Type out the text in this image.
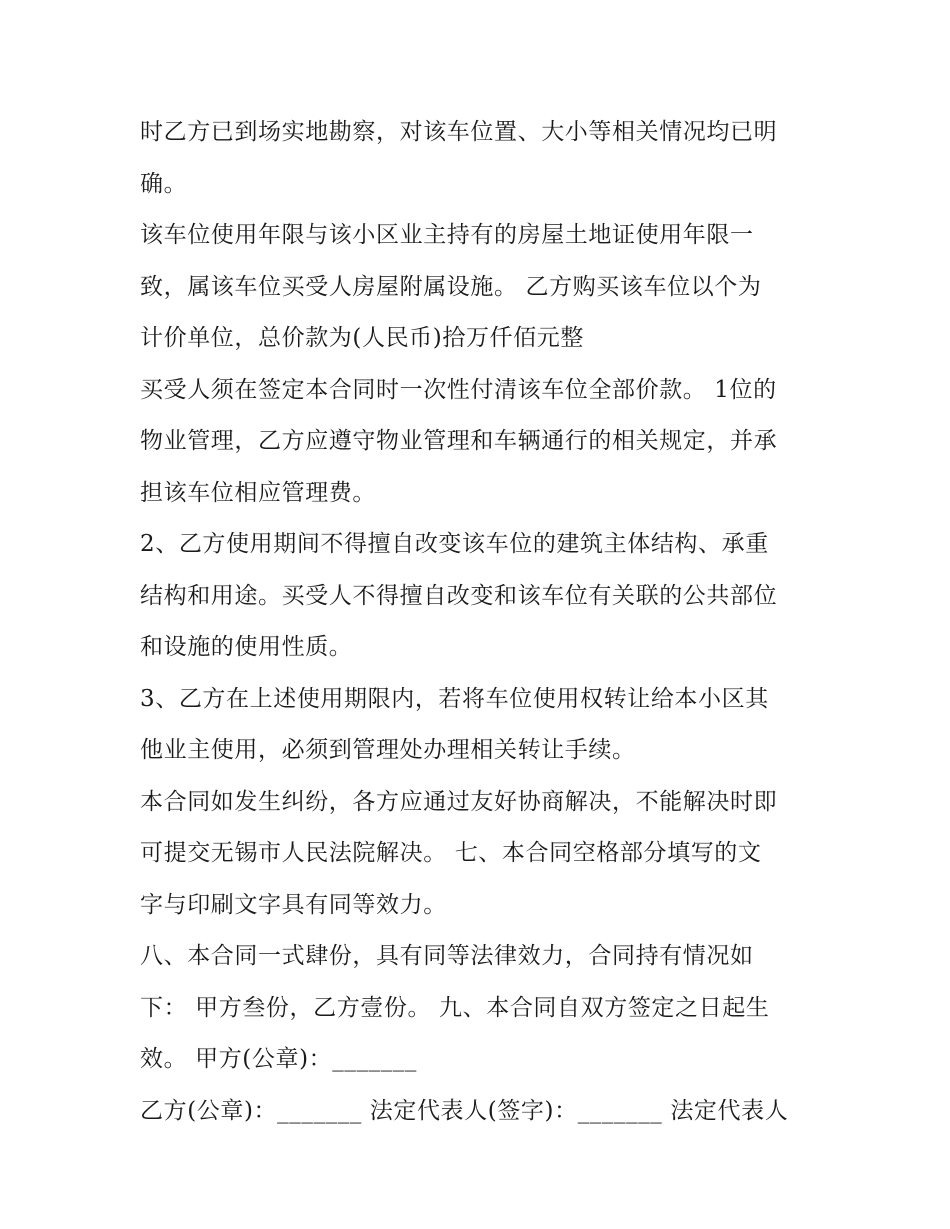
时乙方已到场实地勘察，对该车位置、大小等相关情况均已明
确。
该车位使用年限与该小区业主持有的房屋土地证使用年限一
致，属该车位买受人房屋附属设施。 乙方购买该车位以个为
计价单位，总价款为(人民币)拾万仟佰元整
买受人须在签定本合同时一次性付清该车位全部价款。 1位的
物业管理，乙方应遵守物业管理和车辆通行的相关规定，并承
担该车位相应管理费。
2、乙方使用期间不得擅自改变该车位的建筑主体结构、承重
结构和用途。买受人不得擅自改变和该车位有关联的公共部位
和设施的使用性质。
3、乙方在上述使用期限内，若将车位使用权转让给本小区其
他业主使用，必须到管理处办理相关转让手续。
本合同如发生纠纷，各方应通过友好协商解决，不能解决时即
可提交无锡市人民法院解决。 七、本合同空格部分填写的文
字与印刷文字具有同等效力。
八、本合同一式肆份，具有同等法律效力，合同持有情况如
下： 甲方叁份，乙方壹份。 九、本合同自双方签定之日起生
效。 甲方(公章)：_______
乙方(公章)：_______ 法定代表人(签字)：_______ 法定代表人
